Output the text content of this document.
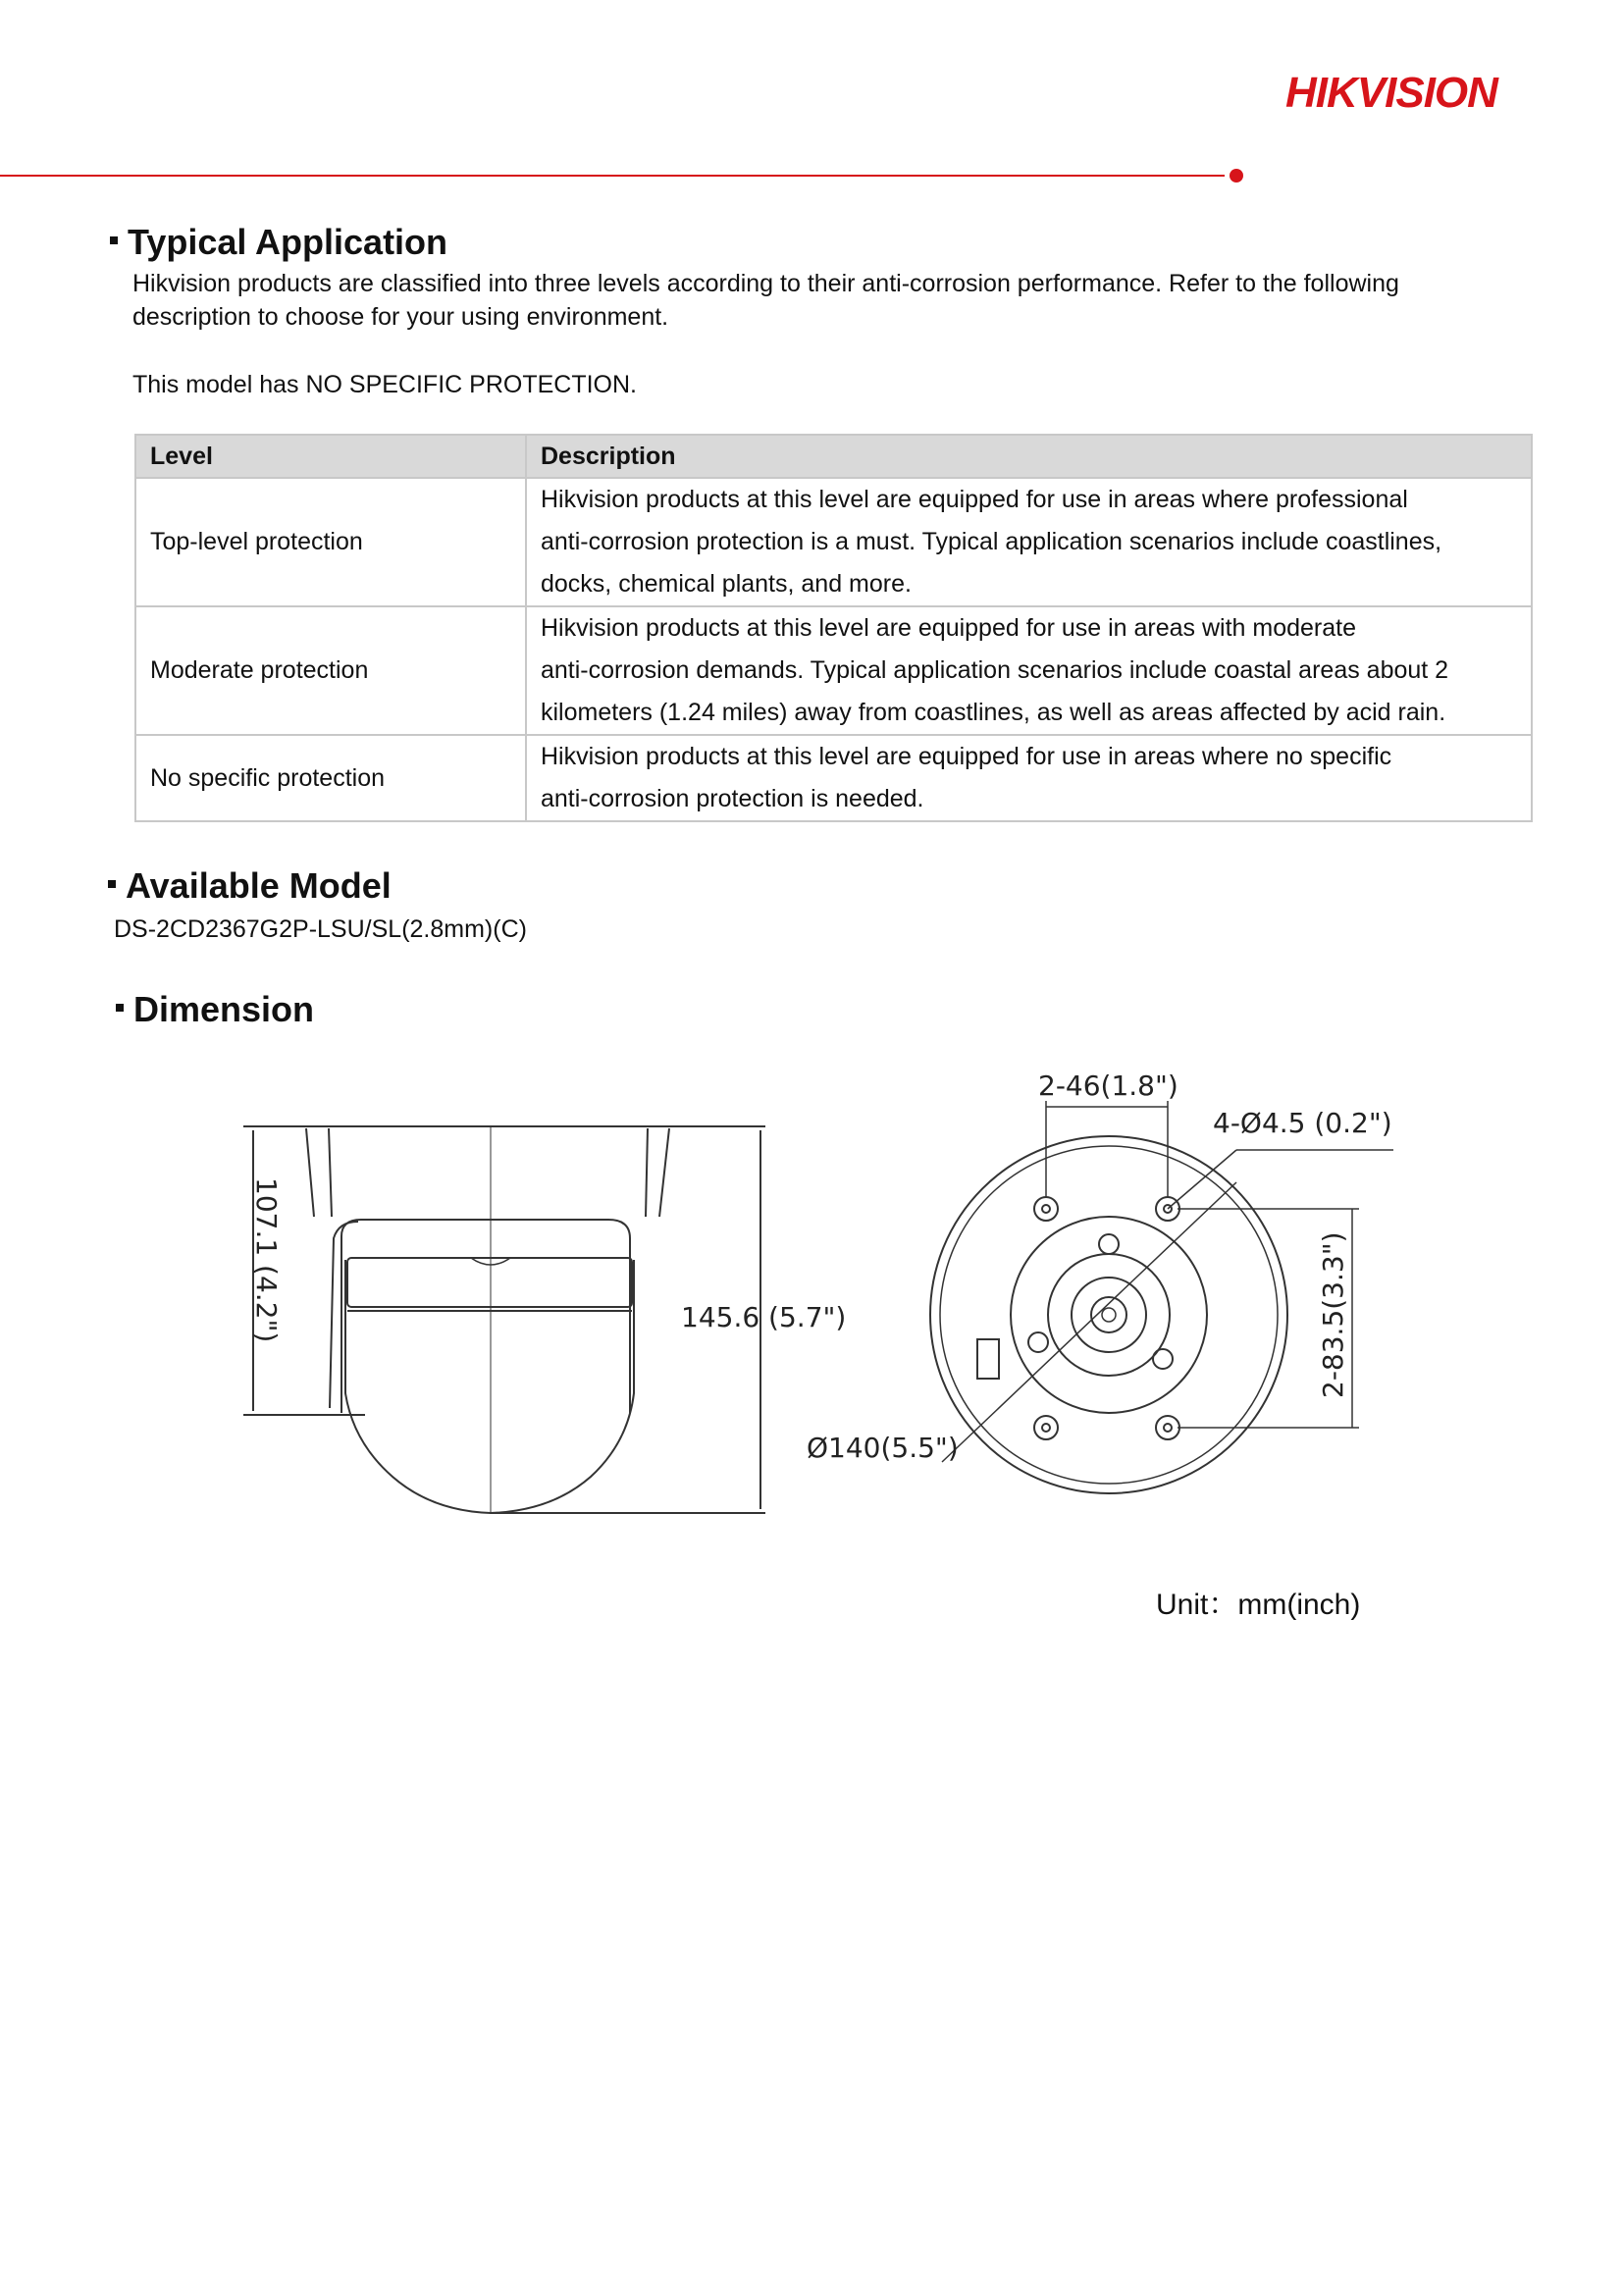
HIKVISION
Typical Application
Hikvision products are classified into three levels according to their anti-corrosion performance. Refer to the following
description to choose for your using environment.
This model has NO SPECIFIC PROTECTION.
Level	Description
Top-level protection	Hikvision products at this level are equipped for use in areas where professional
anti-corrosion protection is a must. Typical application scenarios include coastlines,
docks, chemical plants, and more.

Moderate protection	Hikvision products at this level are equipped for use in areas with moderate
anti-corrosion demands. Typical application scenarios include coastal areas about 2
kilometers (1.24 miles) away from coastlines, as well as areas affected by acid rain.

No specific protection	Hikvision products at this level are equipped for use in areas where no specific
anti-corrosion protection is needed.
Available Model
DS-2CD2367G2P-LSU/SL(2.8mm)(C)
Dimension
107.1 (4.2")	145.6 (5.7")
2-46(1.8")
4-Ø4.5 (0.2")
2-83.5(3.3")
Ø140(5.5")
Unit：mm(inch)
